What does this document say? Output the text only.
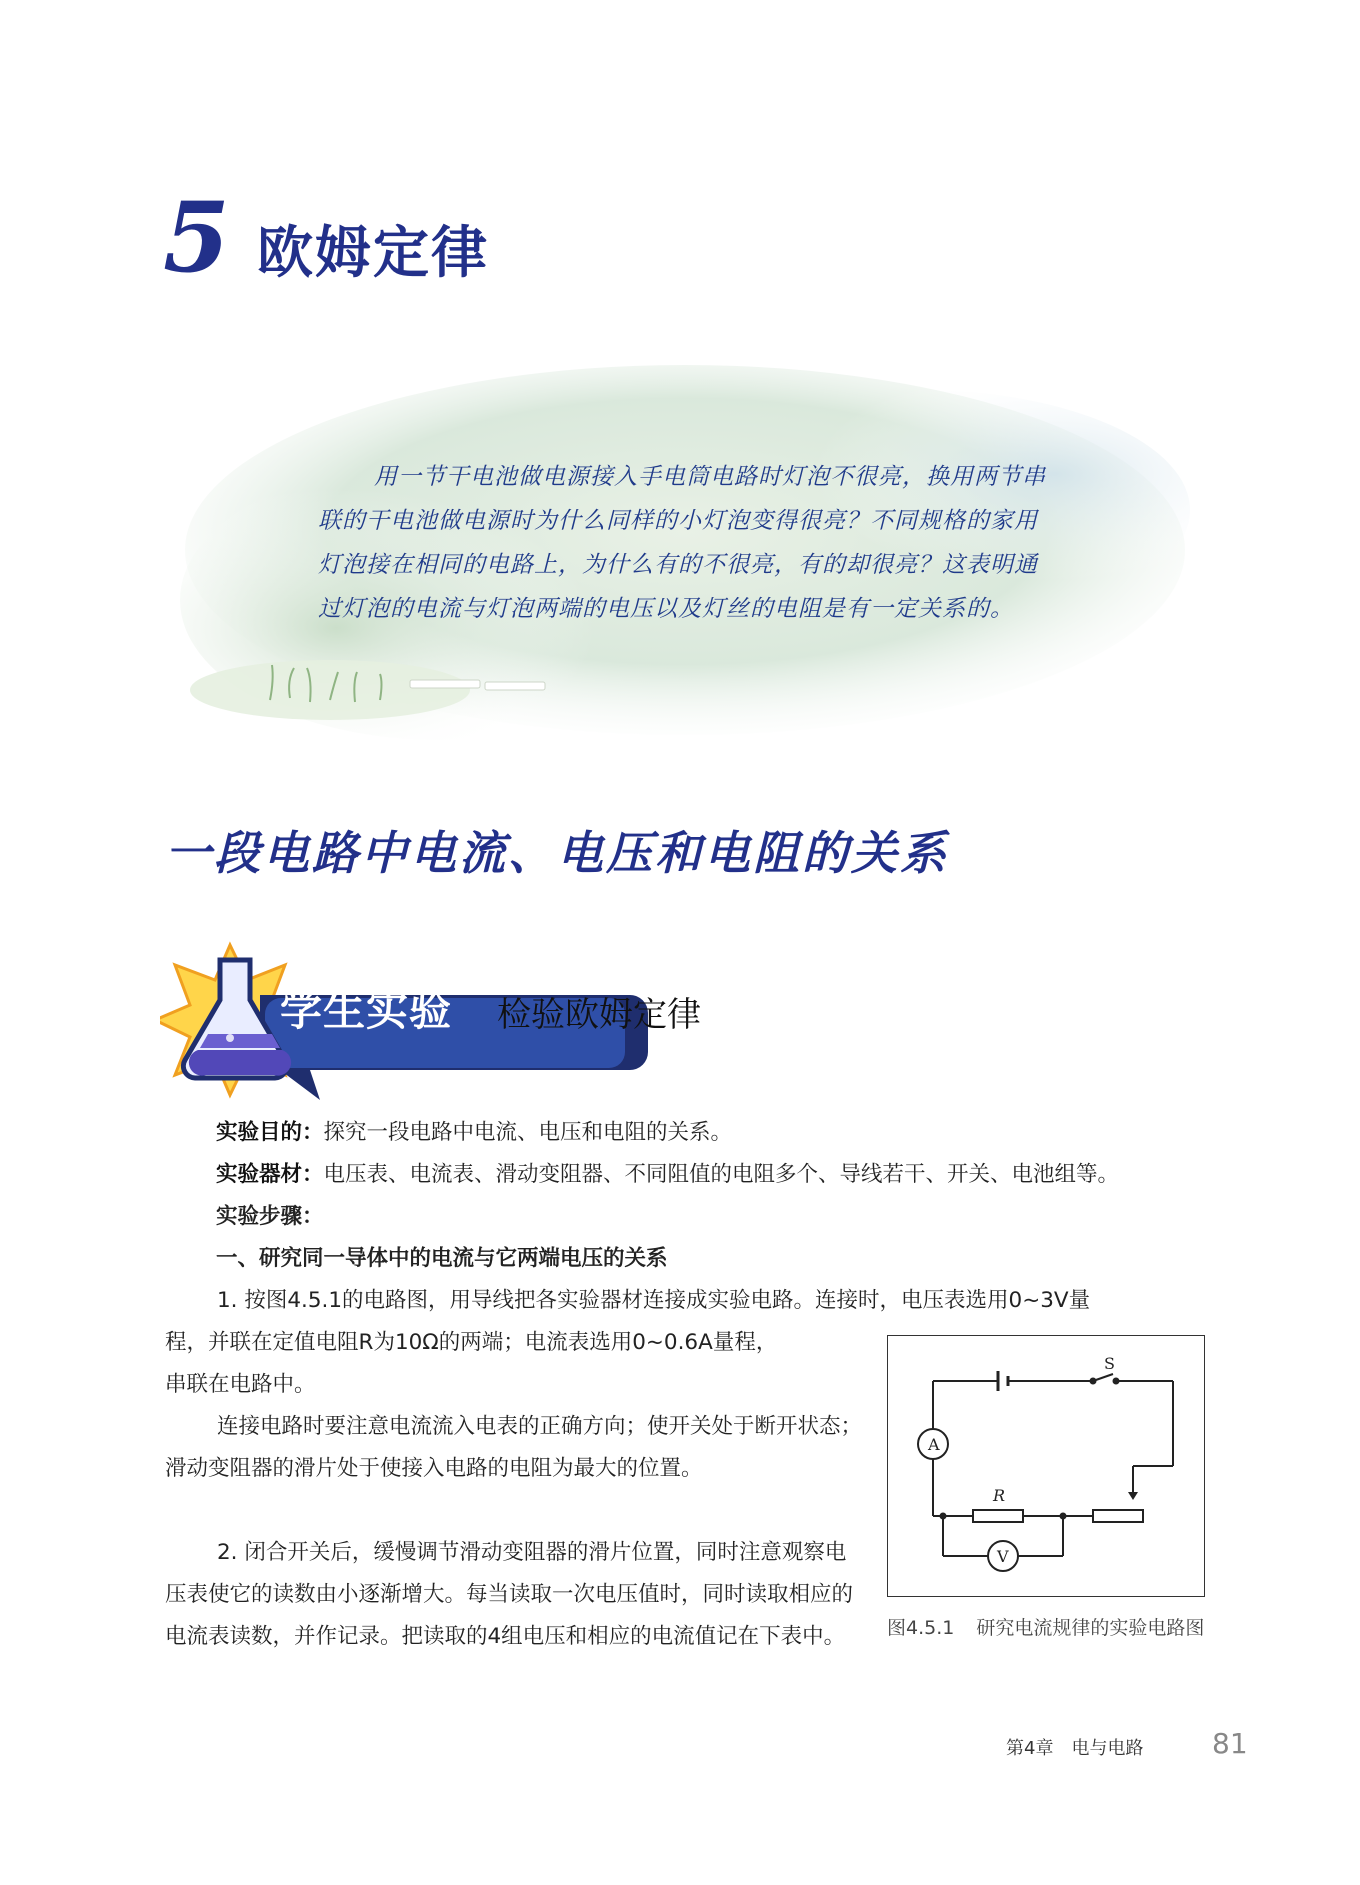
5 欧姆定律
用一节干电池做电源接入手电筒电路时灯泡不很亮，换用两节串联的干电池做电源时为什么同样的小灯泡变得很亮？不同规格的家用灯泡接在相同的电路上，为什么有的不很亮，有的却很亮？这表明通过灯泡的电流与灯泡两端的电压以及灯丝的电阻是有一定关系的。
一段电路中电流、电压和电阻的关系
学生实验 检验欧姆定律
实验目的：探究一段电路中电流、电压和电阻的关系。
实验器材：电压表、电流表、滑动变阻器、不同阻值的电阻多个、导线若干、开关、电池组等。
实验步骤：
一、研究同一导体中的电流与它两端电压的关系
1. 按图4.5.1的电路图，用导线把各实验器材连接成实验电路。连接时，电压表选用0~3V量
程，并联在定值电阻R为10Ω的两端；电流表选用0~0.6A量程，
串联在电路中。
连接电路时要注意电流流入电表的正确方向；使开关处于断开状态；滑动变阻器的滑片处于使接入电路的电阻为最大的位置。
2. 闭合开关后，缓慢调节滑动变阻器的滑片位置，同时注意观察电压表使它的读数由小逐渐增大。每当读取一次电压值时，同时读取相应的电流表读数，并作记录。把读取的4组电压和相应的电流值记在下表中。
S
A
R
V
图4.5.1 研究电流规律的实验电路图
第4章　电与电路 81
